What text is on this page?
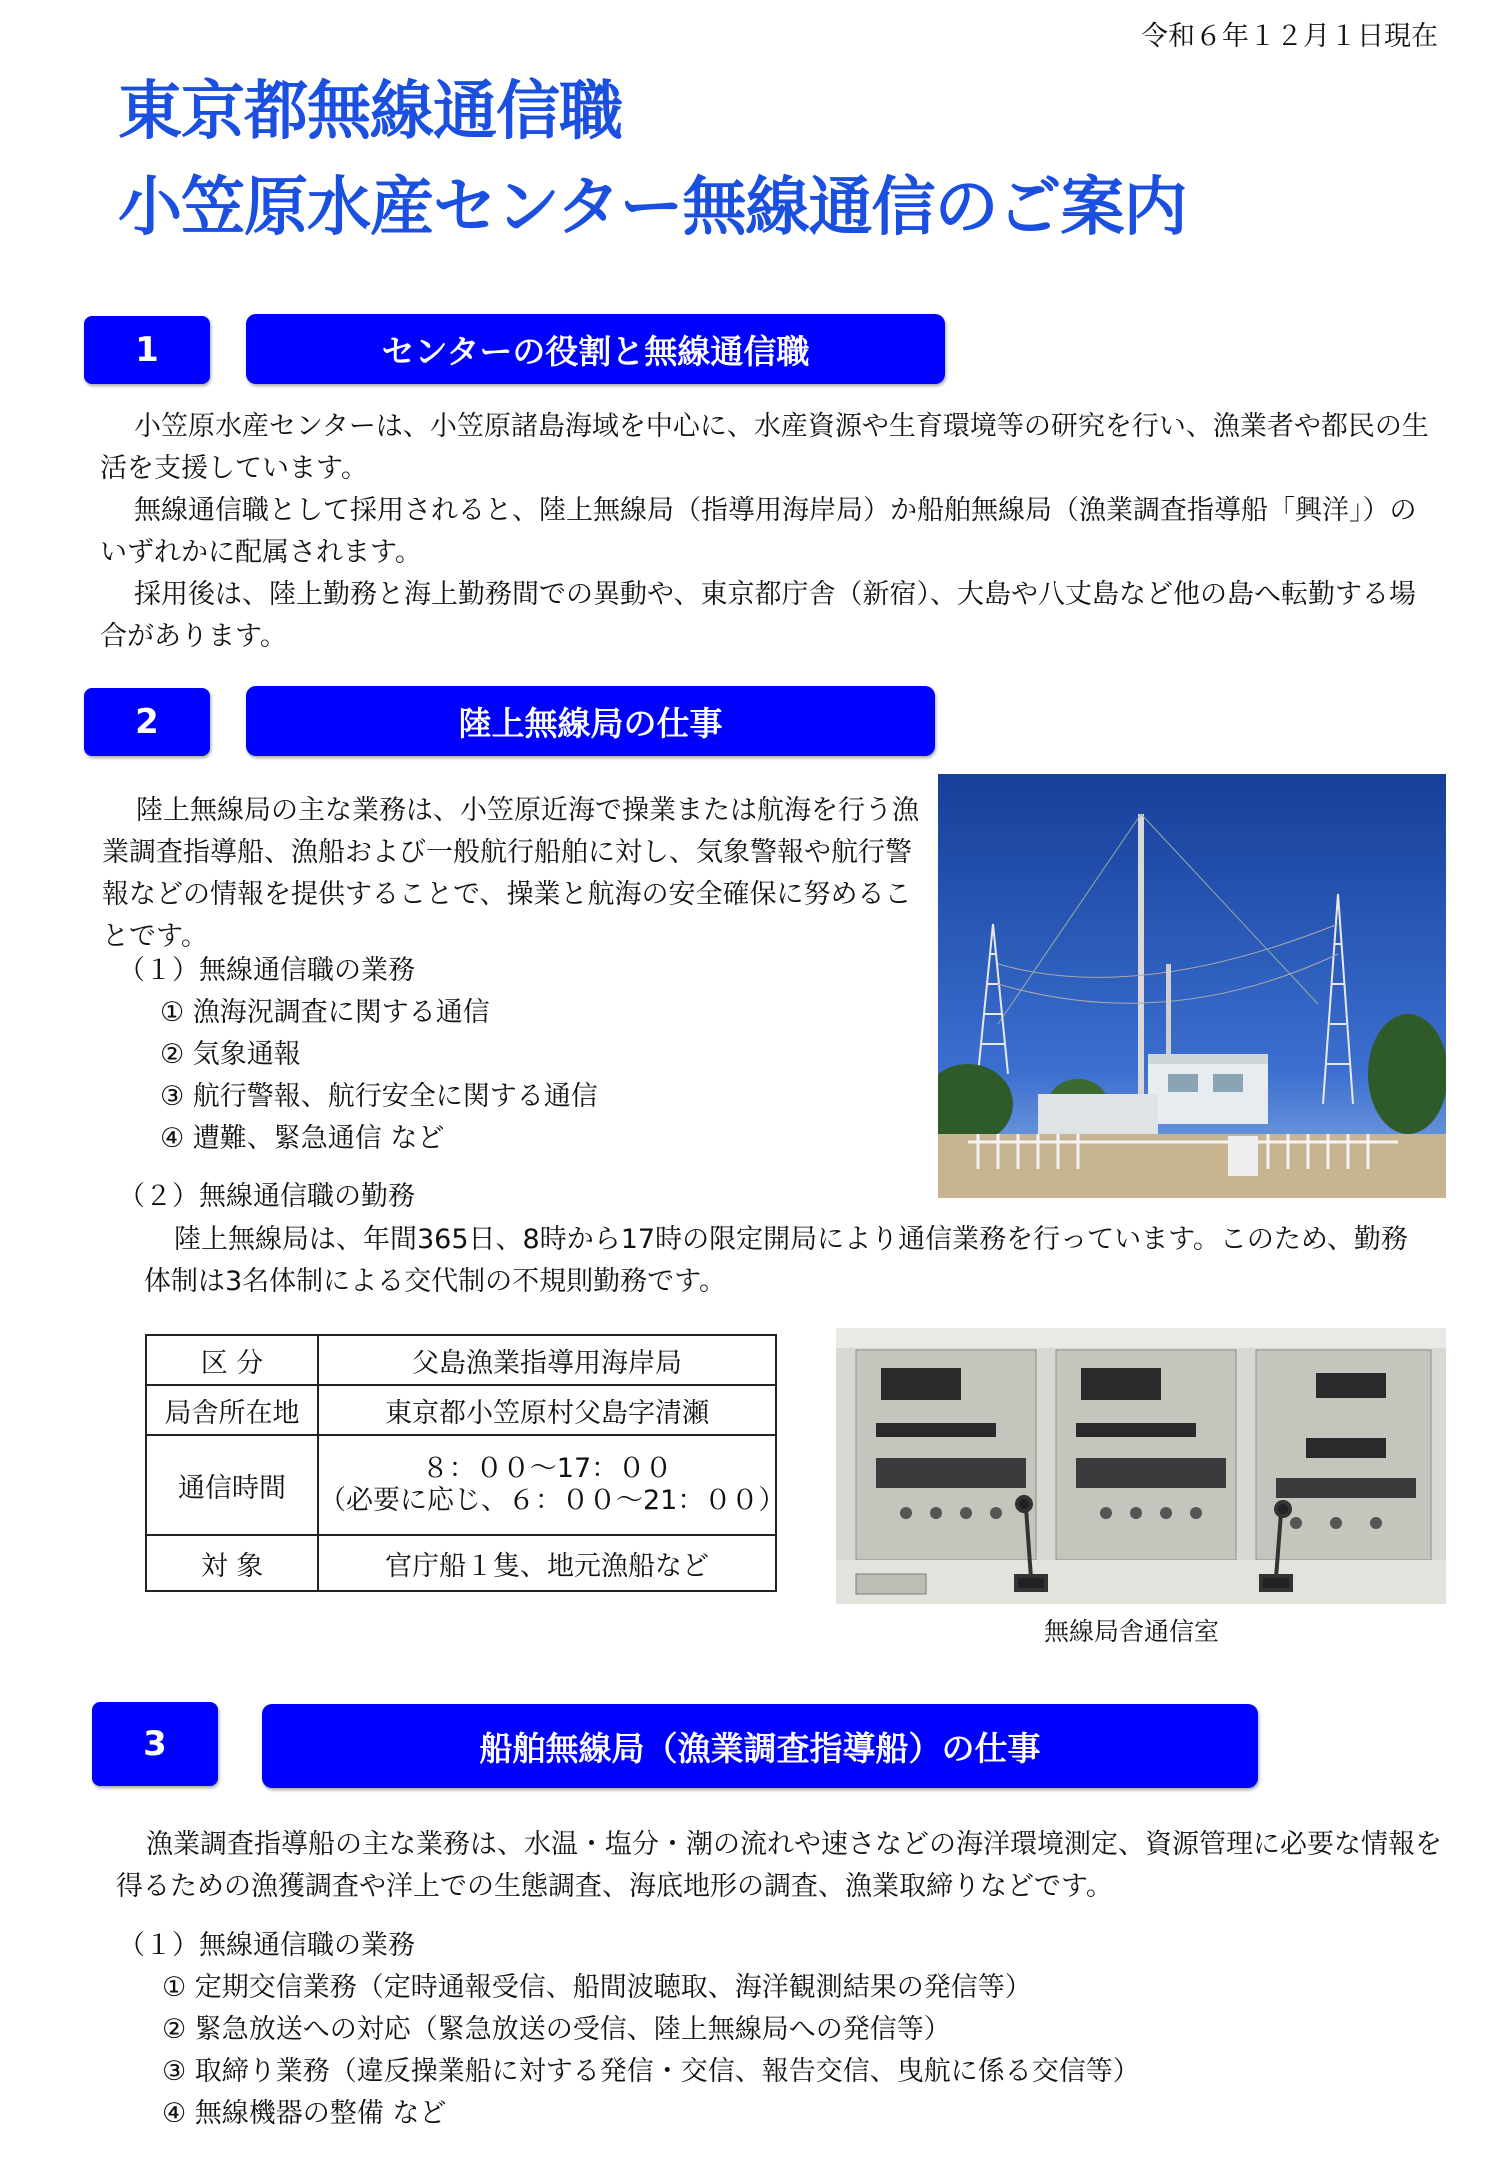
令和６年１２月１日現在
東京都無線通信職
小笠原水産センター無線通信のご案内
1	センターの役割と無線通信職

小笠原水産センターは、小笠原諸島海域を中心に、水産資源や生育環境等の研究を行い、漁業者や都民の生活を支援しています。

無線通信職として採用されると、陸上無線局（指導用海岸局）か船舶無線局（漁業調査指導船「興洋」）のいずれかに配属されます。

採用後は、陸上勤務と海上勤務間での異動や、東京都庁舎（新宿）、大島や八丈島など他の島へ転勤する場合があります。

2	陸上無線局の仕事

陸上無線局の主な業務は、小笠原近海で操業または航海を行う漁業調査指導船、漁船および一般航行船舶に対し、気象警報や航行警報などの情報を提供することで、操業と航海の安全確保に努めることです。

（１）無線通信職の業務
① 漁海況調査に関する通信
② 気象通報
③ 航行警報、航行安全に関する通信
④ 遭難、緊急通信 など
（２）無線通信職の勤務

陸上無線局は、年間365日、8時から17時の限定開局により通信業務を行っています。このため、勤務体制は3名体制による交代制の不規則勤務です。

区 分	父島漁業指導用海岸局
局舎所在地	東京都小笠原村父島字清瀬
通信時間	８：００～17：００
（必要に応じ、６：００～21：００）

対 象	官庁船１隻、地元漁船など
無線局舎通信室
3	船舶無線局（漁業調査指導船）の仕事

漁業調査指導船の主な業務は、水温・塩分・潮の流れや速さなどの海洋環境測定、資源管理に必要な情報を得るための漁獲調査や洋上での生態調査、海底地形の調査、漁業取締りなどです。

（１）無線通信職の業務
① 定期交信業務（定時通報受信、船間波聴取、海洋観測結果の発信等）
② 緊急放送への対応（緊急放送の受信、陸上無線局への発信等）
③ 取締り業務（違反操業船に対する発信・交信、報告交信、曳航に係る交信等）
④ 無線機器の整備 など
